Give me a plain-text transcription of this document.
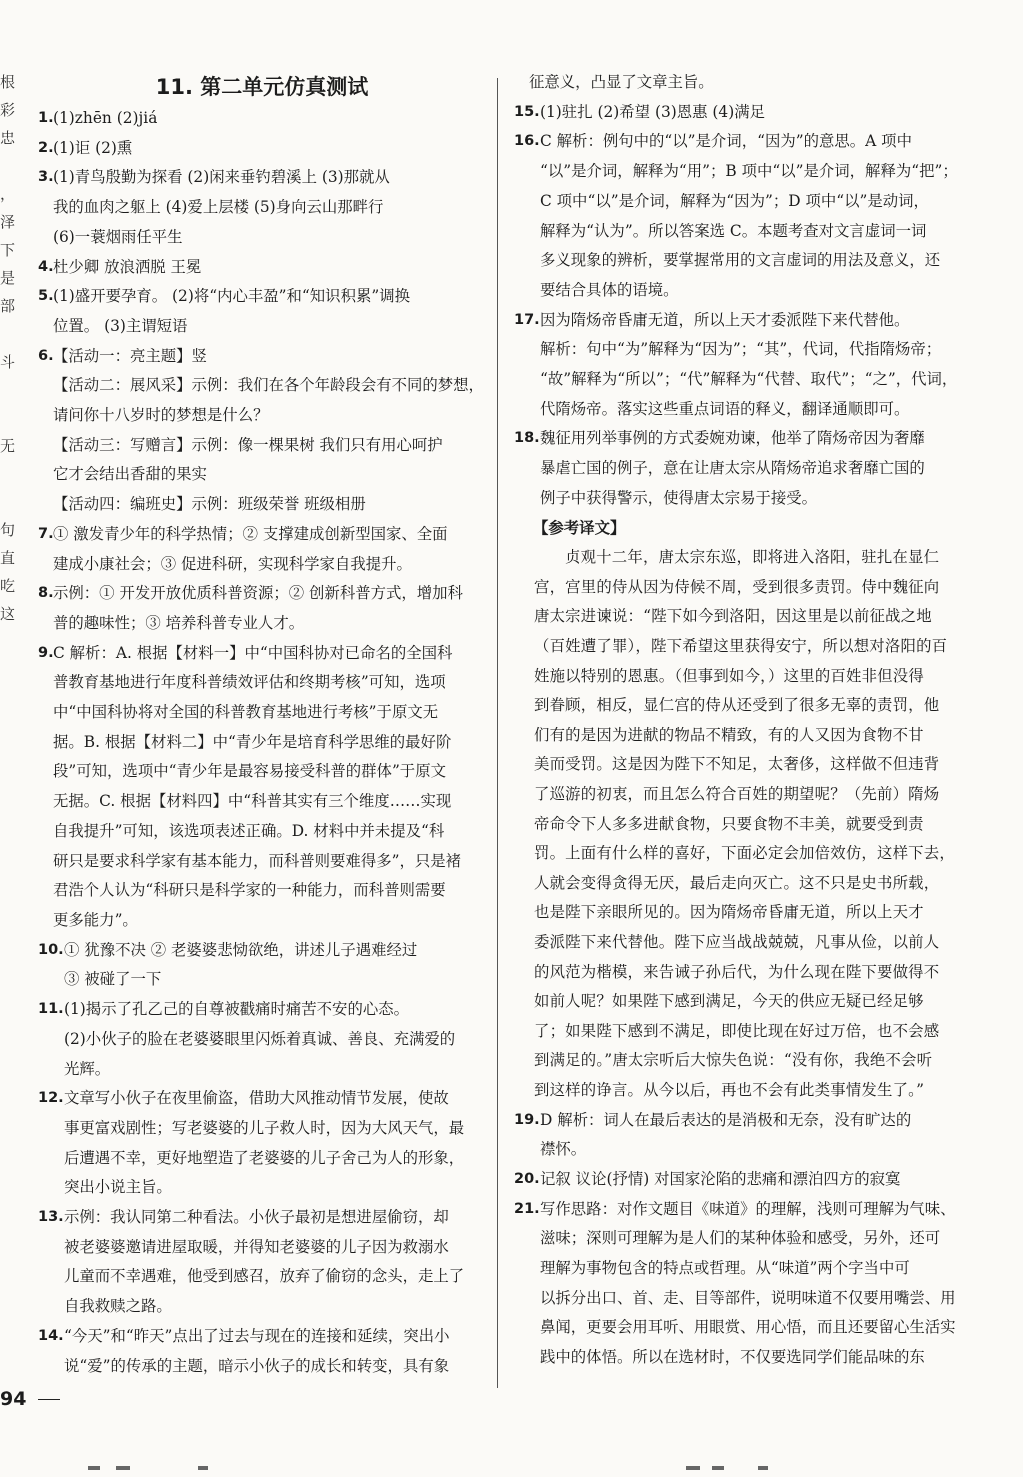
根
彩
忠
，
泽
下
是
部
斗
无
句
直
吃
这
11. 第二单元仿真测试
1. (1)zhēn (2)jiá
2. (1)讵 (2)熏
3. (1)青鸟殷勤为探看 (2)闲来垂钓碧溪上 (3)那就从
我的血肉之躯上 (4)爱上层楼 (5)身向云山那畔行
(6)一蓑烟雨任平生
4. 杜少卿 放浪洒脱 王冕
5. (1)盛开要孕育。 (2)将“内心丰盈”和“知识积累”调换
位置。 (3)主谓短语
6. 【活动一：亮主题】竖
【活动二：展风采】示例：我们在各个年龄段会有不同的梦想，
请问你十八岁时的梦想是什么？
【活动三：写赠言】示例：像一棵果树 我们只有用心呵护
它才会结出香甜的果实
【活动四：编班史】示例：班级荣誉 班级相册
7. ① 激发青少年的科学热情；② 支撑建成创新型国家、全面
建成小康社会；③ 促进科研，实现科学家自我提升。
8. 示例：① 开发开放优质科普资源；② 创新科普方式，增加科
普的趣味性；③ 培养科普专业人才。
9. C 解析：A. 根据【材料一】中“中国科协对已命名的全国科
普教育基地进行年度科普绩效评估和终期考核”可知，选项
中“中国科协将对全国的科普教育基地进行考核”于原文无
据。B. 根据【材料二】中“青少年是培育科学思维的最好阶
段”可知，选项中“青少年是最容易接受科普的群体”于原文
无据。C. 根据【材料四】中“科普其实有三个维度……实现
自我提升”可知，该选项表述正确。D. 材料中并未提及“科
研只是要求科学家有基本能力，而科普则要难得多”，只是褚
君浩个人认为“科研只是科学家的一种能力，而科普则需要
更多能力”。
10. ① 犹豫不决 ② 老婆婆悲恸欲绝，讲述儿子遇难经过
③ 被碰了一下
11. (1)揭示了孔乙己的自尊被戳痛时痛苦不安的心态。
(2)小伙子的脸在老婆婆眼里闪烁着真诚、善良、充满爱的
光辉。
12. 文章写小伙子在夜里偷盗，借助大风推动情节发展，使故
事更富戏剧性；写老婆婆的儿子救人时，因为大风天气，最
后遭遇不幸，更好地塑造了老婆婆的儿子舍己为人的形象，
突出小说主旨。
13. 示例：我认同第二种看法。小伙子最初是想进屋偷窃，却
被老婆婆邀请进屋取暖，并得知老婆婆的儿子因为救溺水
儿童而不幸遇难，他受到感召，放弃了偷窃的念头，走上了
自我救赎之路。
14. “今天”和“昨天”点出了过去与现在的连接和延续，突出小
说“爱”的传承的主题，暗示小伙子的成长和转变，具有象
征意义，凸显了文章主旨。
15. (1)驻扎 (2)希望 (3)恩惠 (4)满足
16. C 解析：例句中的“以”是介词，“因为”的意思。A 项中
“以”是介词，解释为“用”；B 项中“以”是介词，解释为“把”；
C 项中“以”是介词，解释为“因为”；D 项中“以”是动词，
解释为“认为”。所以答案选 C。本题考查对文言虚词一词
多义现象的辨析，要掌握常用的文言虚词的用法及意义，还
要结合具体的语境。
17. 因为隋炀帝昏庸无道，所以上天才委派陛下来代替他。
解析：句中“为”解释为“因为”；“其”，代词，代指隋炀帝；
“故”解释为“所以”；“代”解释为“代替、取代”；“之”，代词，
代隋炀帝。落实这些重点词语的释义，翻译通顺即可。
18. 魏征用列举事例的方式委婉劝谏，他举了隋炀帝因为奢靡
暴虐亡国的例子，意在让唐太宗从隋炀帝追求奢靡亡国的
例子中获得警示，使得唐太宗易于接受。
【参考译文】
贞观十二年，唐太宗东巡，即将进入洛阳，驻扎在显仁
宫，宫里的侍从因为侍候不周，受到很多责罚。侍中魏征向
唐太宗进谏说：“陛下如今到洛阳，因这里是以前征战之地
（百姓遭了罪），陛下希望这里获得安宁，所以想对洛阳的百
姓施以特别的恩惠。（但事到如今，）这里的百姓非但没得
到眷顾，相反，显仁宫的侍从还受到了很多无辜的责罚，他
们有的是因为进献的物品不精致，有的人又因为食物不甘
美而受罚。这是因为陛下不知足，太奢侈，这样做不但违背
了巡游的初衷，而且怎么符合百姓的期望呢？（先前）隋炀
帝命令下人多多进献食物，只要食物不丰美，就要受到责
罚。上面有什么样的喜好，下面必定会加倍效仿，这样下去，
人就会变得贪得无厌，最后走向灭亡。这不只是史书所载，
也是陛下亲眼所见的。因为隋炀帝昏庸无道，所以上天才
委派陛下来代替他。陛下应当战战兢兢，凡事从俭，以前人
的风范为楷模，来告诫子孙后代，为什么现在陛下要做得不
如前人呢？如果陛下感到满足，今天的供应无疑已经足够
了；如果陛下感到不满足，即使比现在好过万倍，也不会感
到满足的。”唐太宗听后大惊失色说：“没有你，我绝不会听
到这样的诤言。从今以后，再也不会有此类事情发生了。”
19. D 解析：词人在最后表达的是消极和无奈，没有旷达的
襟怀。
20. 记叙 议论(抒情) 对国家沦陷的悲痛和漂泊四方的寂寞
21. 写作思路：对作文题目《味道》的理解，浅则可理解为气味、
滋味；深则可理解为是人们的某种体验和感受，另外，还可
理解为事物包含的特点或哲理。从“味道”两个字当中可
以拆分出口、首、走、目等部件，说明味道不仅要用嘴尝、用
鼻闻，更要会用耳听、用眼赏、用心悟，而且还要留心生活实
践中的体悟。所以在选材时，不仅要选同学们能品味的东
94
